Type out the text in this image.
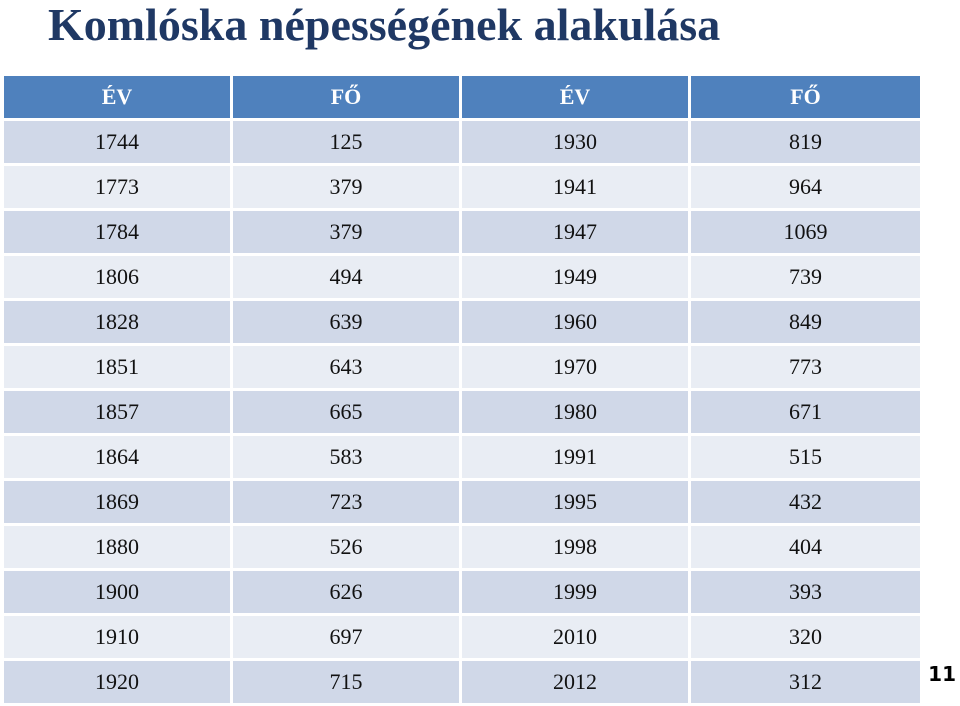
Komlóska népességének alakulása
ÉV	FŐ	ÉV	FŐ
1744	125	1930	819
1773	379	1941	964
1784	379	1947	1069
1806	494	1949	739
1828	639	1960	849
1851	643	1970	773
1857	665	1980	671
1864	583	1991	515
1869	723	1995	432
1880	526	1998	404
1900	626	1999	393
1910	697	2010	320
1920	715	2012	312	11
